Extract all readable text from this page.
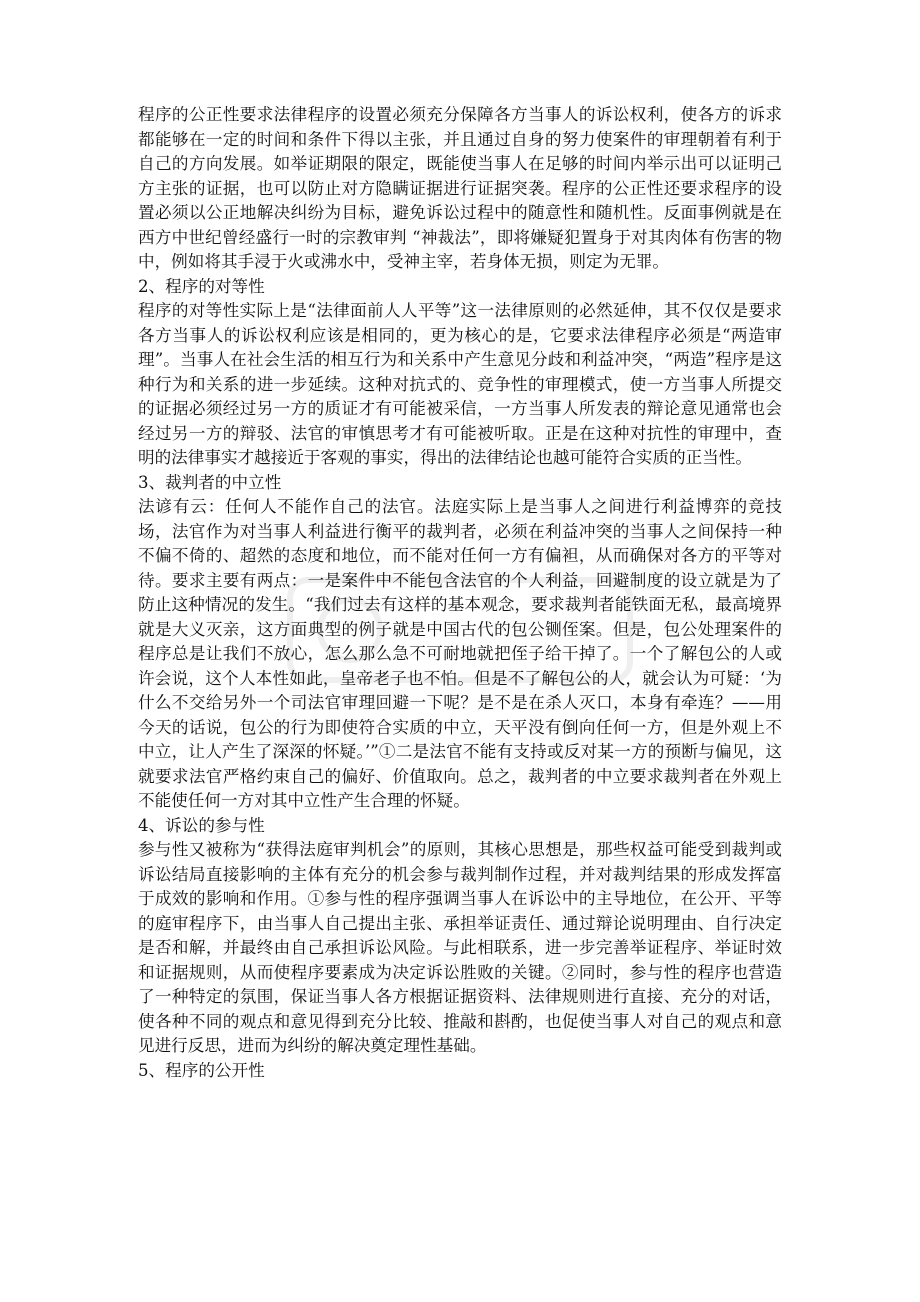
程序的公正性要求法律程序的设置必须充分保障各方当事人的诉讼权利，使各方的诉求都能够在一定的时间和条件下得以主张，并且通过自身的努力使案件的审理朝着有利于自己的方向发展。如举证期限的限定，既能使当事人在足够的时间内举示出可以证明己方主张的证据，也可以防止对方隐瞒证据进行证据突袭。程序的公正性还要求程序的设置必须以公正地解决纠纷为目标，避免诉讼过程中的随意性和随机性。反面事例就是在西方中世纪曾经盛行一时的宗教审判 “神裁法”，即将嫌疑犯置身于对其肉体有伤害的物中，例如将其手浸于火或沸水中，受神主宰，若身体无损，则定为无罪。

2、程序的对等性

程序的对等性实际上是“法律面前人人平等”这一法律原则的必然延伸，其不仅仅是要求各方当事人的诉讼权利应该是相同的，更为核心的是，它要求法律程序必须是“两造审理”。当事人在社会生活的相互行为和关系中产生意见分歧和利益冲突，“两造”程序是这种行为和关系的进一步延续。这种对抗式的、竞争性的审理模式，使一方当事人所提交的证据必须经过另一方的质证才有可能被采信，一方当事人所发表的辩论意见通常也会经过另一方的辩驳、法官的审慎思考才有可能被听取。正是在这种对抗性的审理中，查明的法律事实才越接近于客观的事实，得出的法律结论也越可能符合实质的正当性。

3、裁判者的中立性

法谚有云：任何人不能作自己的法官。法庭实际上是当事人之间进行利益博弈的竞技场，法官作为对当事人利益进行衡平的裁判者，必须在利益冲突的当事人之间保持一种不偏不倚的、超然的态度和地位，而不能对任何一方有偏袒，从而确保对各方的平等对待。要求主要有两点：一是案件中不能包含法官的个人利益，回避制度的设立就是为了防止这种情况的发生。“我们过去有这样的基本观念，要求裁判者能铁面无私，最高境界就是大义灭亲，这方面典型的例子就是中国古代的包公铡侄案。但是，包公处理案件的程序总是让我们不放心，怎么那么急不可耐地就把侄子给干掉了。一个了解包公的人或许会说，这个人本性如此，皇帝老子也不怕。但是不了解包公的人，就会认为可疑：‘为什么不交给另外一个司法官审理回避一下呢？是不是在杀人灭口，本身有牵连？——用今天的话说，包公的行为即使符合实质的中立，天平没有倒向任何一方，但是外观上不中立，让人产生了深深的怀疑。’”①二是法官不能有支持或反对某一方的预断与偏见，这就要求法官严格约束自己的偏好、价值取向。总之，裁判者的中立要求裁判者在外观上不能使任何一方对其中立性产生合理的怀疑。

4、诉讼的参与性

参与性又被称为“获得法庭审判机会”的原则，其核心思想是，那些权益可能受到裁判或诉讼结局直接影响的主体有充分的机会参与裁判制作过程，并对裁判结果的形成发挥富于成效的影响和作用。①参与性的程序强调当事人在诉讼中的主导地位，在公开、平等的庭审程序下，由当事人自己提出主张、承担举证责任、通过辩论说明理由、自行决定是否和解，并最终由自己承担诉讼风险。与此相联系，进一步完善举证程序、举证时效和证据规则，从而使程序要素成为决定诉讼胜败的关键。②同时，参与性的程序也营造了一种特定的氛围，保证当事人各方根据证据资料、法律规则进行直接、充分的对话，使各种不同的观点和意见得到充分比较、推敲和斟酌，也促使当事人对自己的观点和意见进行反思，进而为纠纷的解决奠定理性基础。

5、程序的公开性
